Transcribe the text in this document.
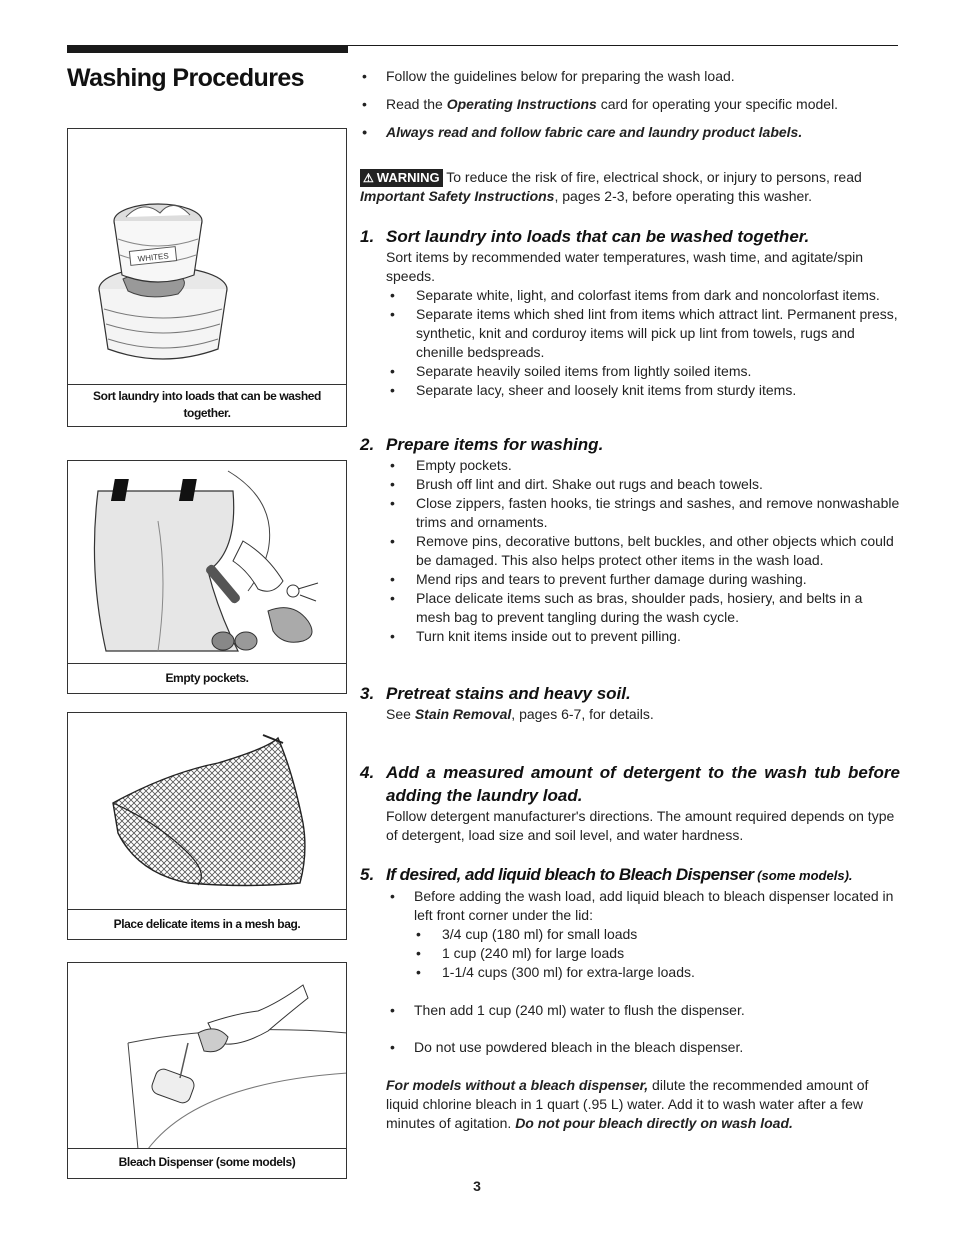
Washing Procedures
WHITES
Sort laundry into loads that can be washed together.
Empty pockets.
Place delicate items in a mesh bag.
Bleach Dispenser (some models)
• Follow the guidelines below for preparing the wash load.
• Read the Operating Instructions card for operating your specific model.
• Always read and follow fabric care and laundry product labels.
⚠ WARNING To reduce the risk of fire, electrical shock, or injury to persons, read Important Safety Instructions, pages 2-3, before operating this washer.
1. Sort laundry into loads that can be washed together.
Sort items by recommended water temperatures, wash time, and agitate/spin speeds.
• Separate white, light, and colorfast items from dark and noncolorfast items.
• Separate items which shed lint from items which attract lint. Permanent press, synthetic, knit and corduroy items will pick up lint from towels, rugs and chenille bedspreads.
• Separate heavily soiled items from lightly soiled items.
• Separate lacy, sheer and loosely knit items from sturdy items.
2. Prepare items for washing.
• Empty pockets.
• Brush off lint and dirt. Shake out rugs and beach towels.
• Close zippers, fasten hooks, tie strings and sashes, and remove nonwashable trims and ornaments.
• Remove pins, decorative buttons, belt buckles, and other objects which could be damaged. This also helps protect other items in the wash load.
• Mend rips and tears to prevent further damage during washing.
• Place delicate items such as bras, shoulder pads, hosiery, and belts in a mesh bag to prevent tangling during the wash cycle.
• Turn knit items inside out to prevent pilling.
3. Pretreat stains and heavy soil.
See Stain Removal, pages 6-7, for details.
4. Add a measured amount of detergent to the wash tub before adding the laundry load.
Follow detergent manufacturer's directions. The amount required depends on type of detergent, load size and soil level, and water hardness.
5. If desired, add liquid bleach to Bleach Dispenser (some models).
• Before adding the wash load, add liquid bleach to bleach dispenser located in left front corner under the lid:
• 3/4 cup (180 ml) for small loads
• 1 cup (240 ml) for large loads
• 1-1/4 cups (300 ml) for extra-large loads.
• Then add 1 cup (240 ml) water to flush the dispenser.
• Do not use powdered bleach in the bleach dispenser.
For models without a bleach dispenser, dilute the recommended amount of liquid chlorine bleach in 1 quart (.95 L) water. Add it to wash water after a few minutes of agitation. Do not pour bleach directly on wash load.
3
